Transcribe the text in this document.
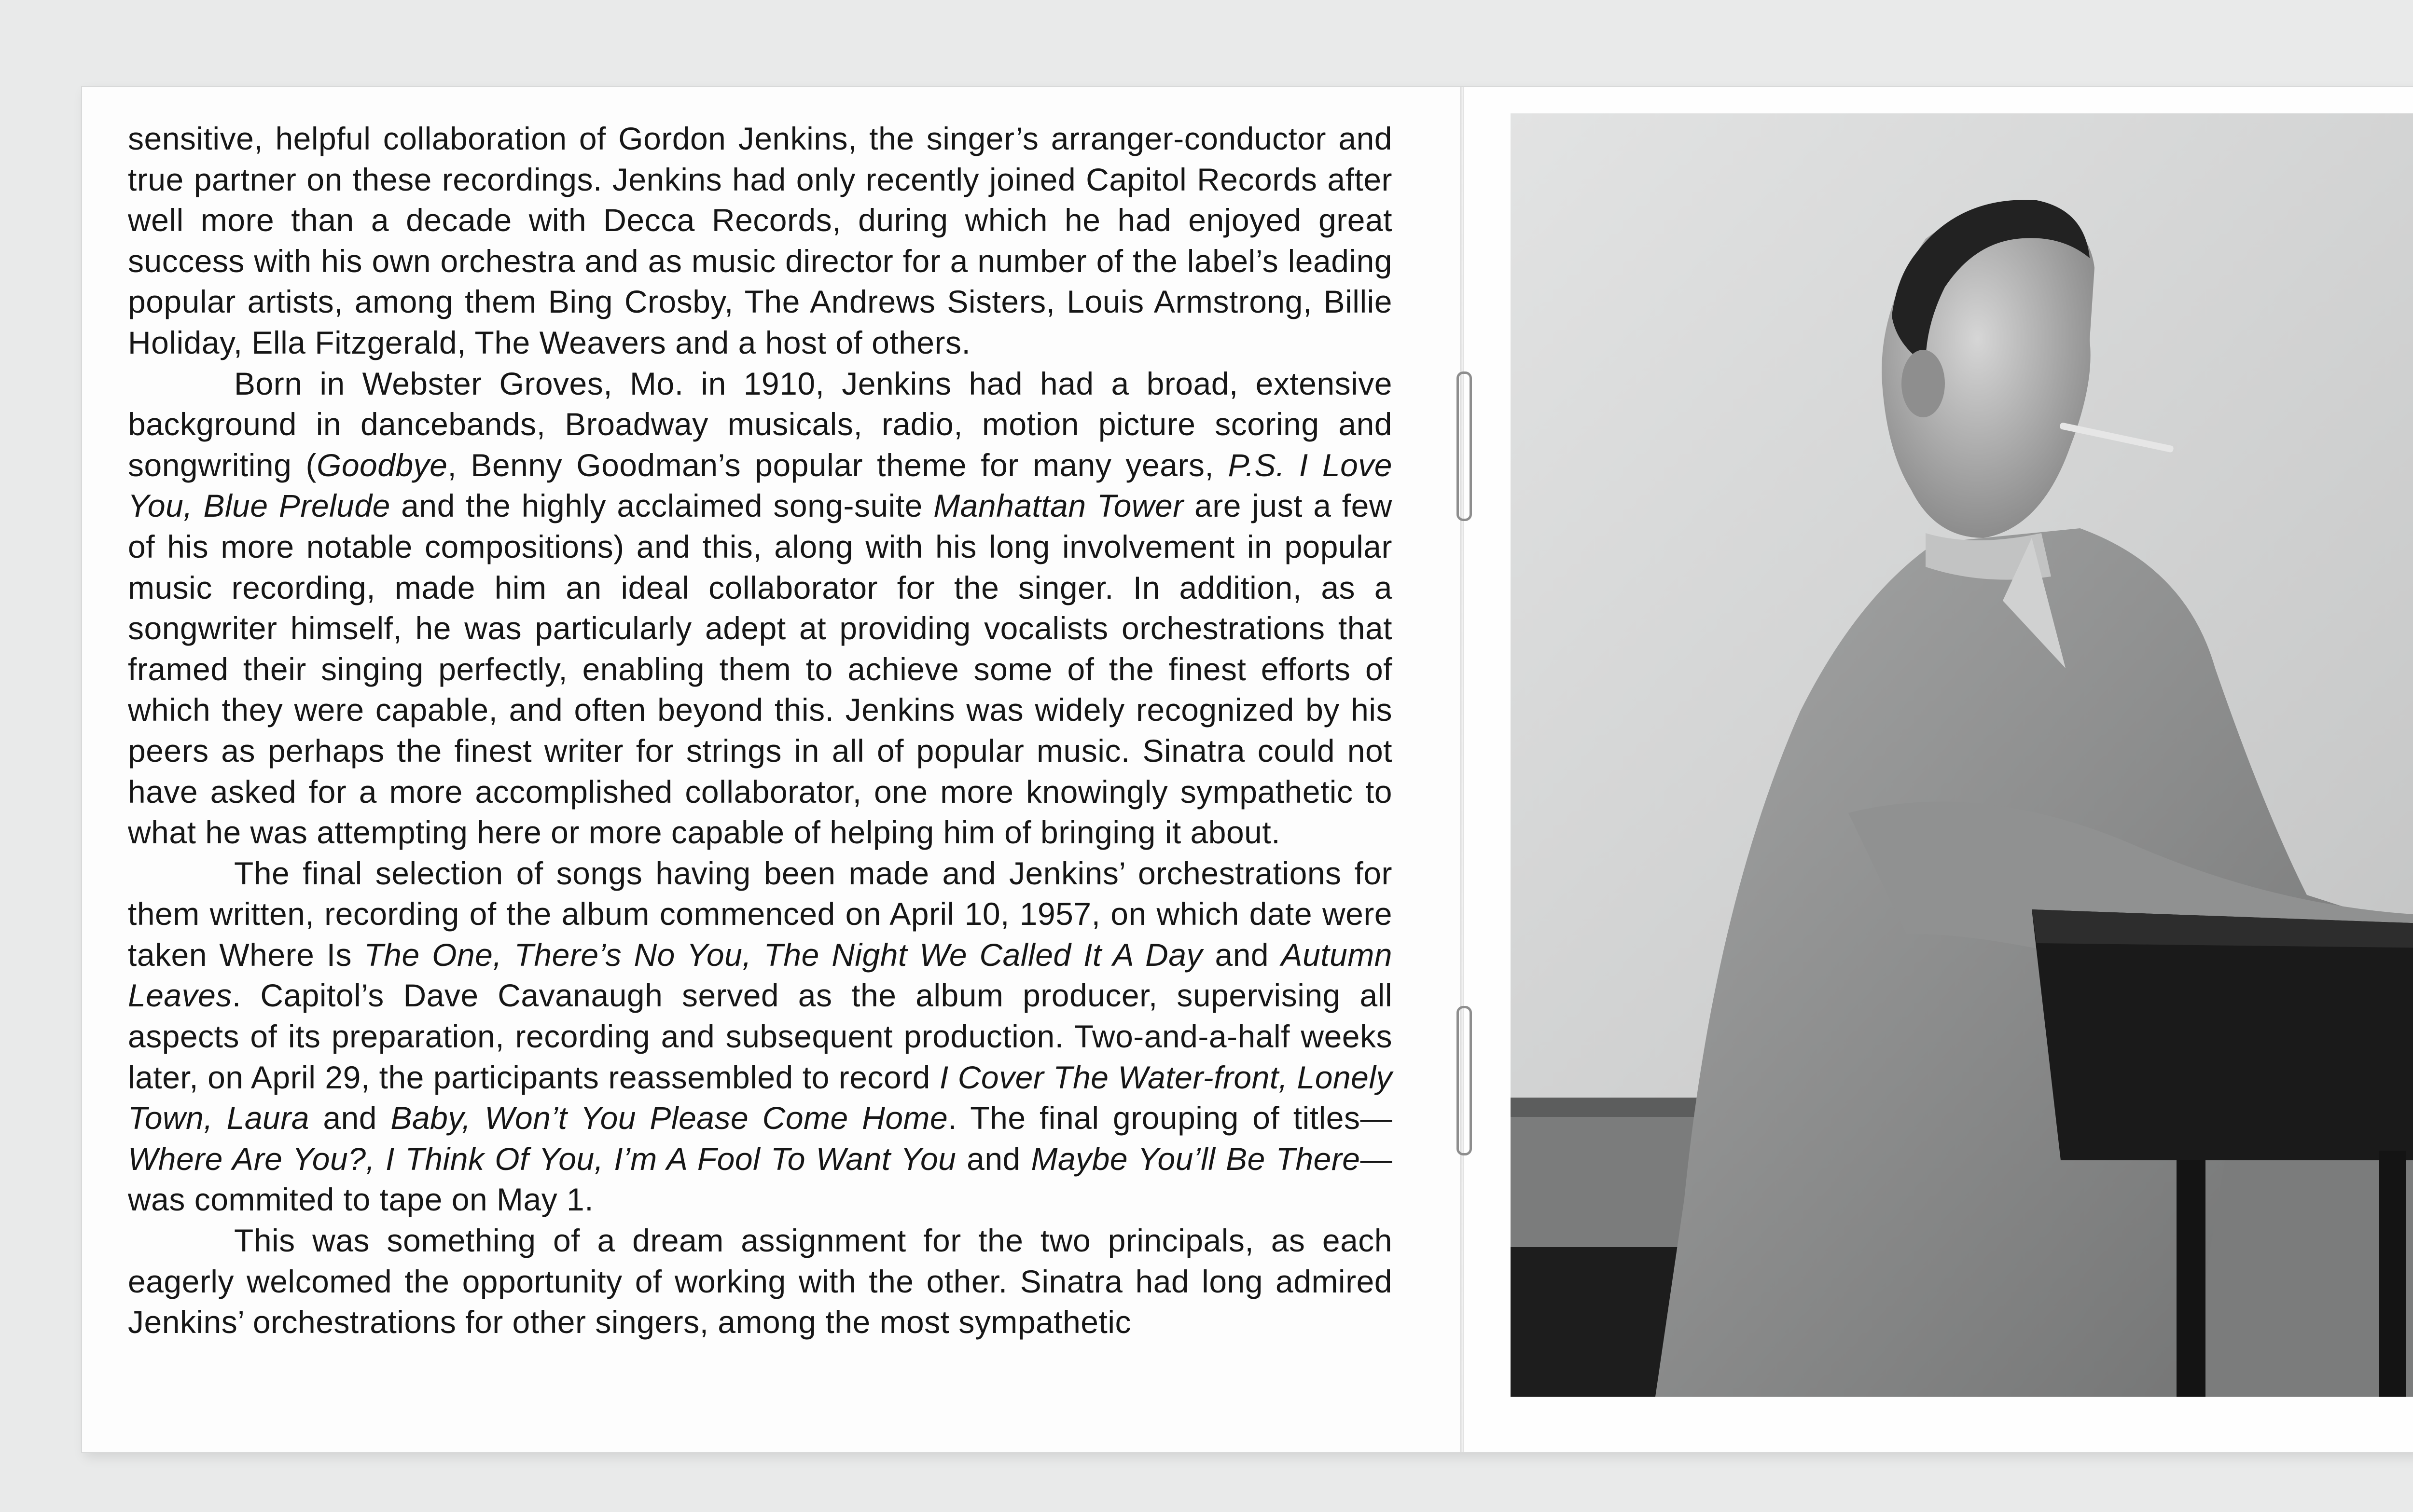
sensitive, helpful collaboration of Gordon Jenkins, the singer’s arranger-conductor and true partner on these recordings. Jenkins had only recently joined Capitol Records after well more than a decade with Decca Records, during which he had enjoyed great success with his own orchestra and as music director for a number of the label’s leading popular artists, among them Bing Crosby, The Andrews Sisters, Louis Armstrong, Billie Holiday, Ella Fitzgerald, The Weavers and a host of others.

Born in Webster Groves, Mo. in 1910, Jenkins had had a broad, extensive background in dancebands, Broadway musicals, radio, motion picture scoring and songwriting (Goodbye, Benny Goodman’s popular theme for many years, P.S. I Love You, Blue Prelude and the highly acclaimed song-suite Manhattan Tower are just a few of his more notable compositions) and this, along with his long involvement in popular music recording, made him an ideal collaborator for the singer. In addition, as a songwriter himself, he was particularly adept at providing vocalists orchestrations that framed their singing perfectly, enabling them to achieve some of the finest efforts of which they were capable, and often beyond this. Jenkins was widely recognized by his peers as perhaps the finest writer for strings in all of popular music. Sinatra could not have asked for a more accomplished collaborator, one more knowingly sympathetic to what he was attempting here or more capable of helping him of bringing it about.

The final selection of songs having been made and Jenkins’ orchestrations for them written, recording of the album commenced on April 10, 1957, on which date were taken Where Is The One, There’s No You, The Night We Called It A Day and Autumn Leaves. Capitol’s Dave Cavanaugh served as the album producer, supervising all aspects of its preparation, recording and subsequent production. Two-and-a-half weeks later, on April 29, the participants reassembled to record I Cover The Water-front, Lonely Town, Laura and Baby, Won’t You Please Come Home. The final grouping of titles—Where Are You?, I Think Of You, I’m A Fool To Want You and Maybe You’ll Be There—was commited to tape on May 1.

This was something of a dream assignment for the two principals, as each eagerly welcomed the opportunity of working with the other. Sinatra had long admired Jenkins’ orchestrations for other singers, among the most sympathetic
